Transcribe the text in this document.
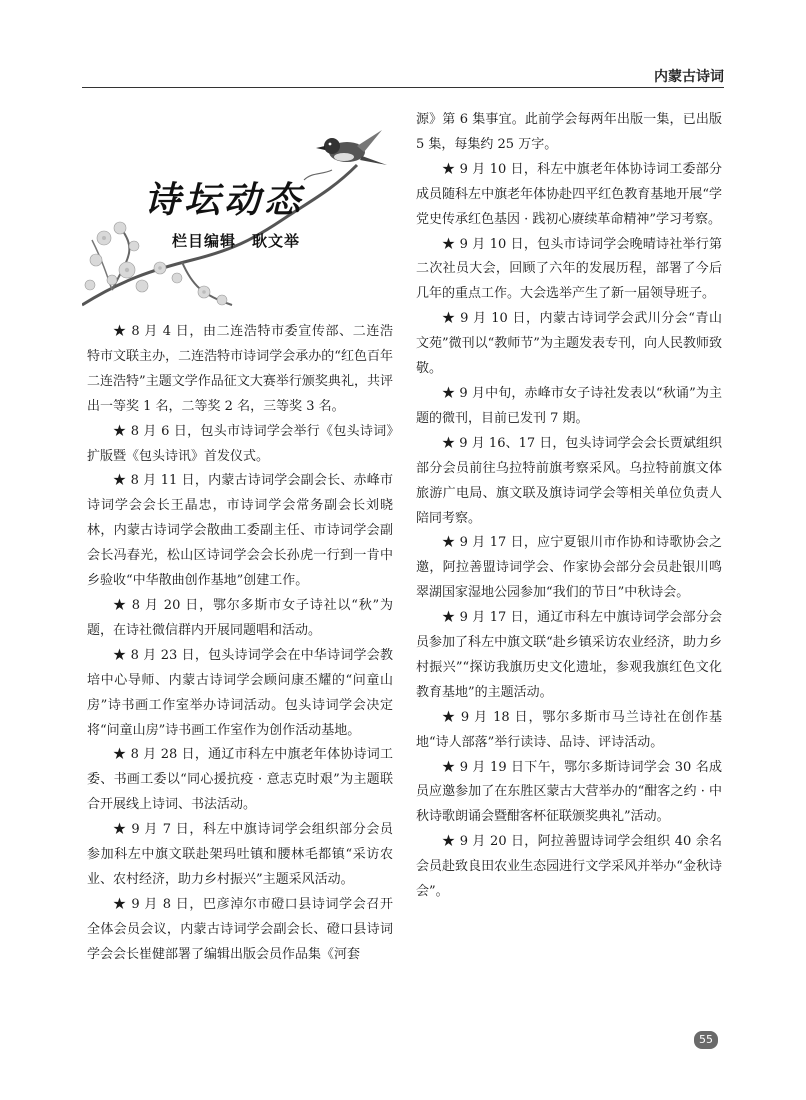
内蒙古诗词
诗坛动态
栏目编辑 耿文举

★ 8 月 4 日，由二连浩特市委宣传部、二连浩特市文联主办，二连浩特市诗词学会承办的“红色百年二连浩特”主题文学作品征文大赛举行颁奖典礼，共评出一等奖 1 名，二等奖 2 名，三等奖 3 名。

★ 8 月 6 日，包头市诗词学会举行《包头诗词》扩版暨《包头诗讯》首发仪式。

★ 8 月 11 日，内蒙古诗词学会副会长、赤峰市诗词学会会长王晶忠，市诗词学会常务副会长刘晓林，内蒙古诗词学会散曲工委副主任、市诗词学会副会长冯春光，松山区诗词学会会长孙虎一行到一肯中乡验收“中华散曲创作基地”创建工作。

★ 8 月 20 日，鄂尔多斯市女子诗社以“秋”为题，在诗社微信群内开展同题唱和活动。

★ 8 月 23 日，包头诗词学会在中华诗词学会教培中心导师、内蒙古诗词学会顾问康丕耀的“问童山房”诗书画工作室举办诗词活动。包头诗词学会决定将“问童山房”诗书画工作室作为创作活动基地。

★ 8 月 28 日，通辽市科左中旗老年体协诗词工委、书画工委以“同心援抗疫 · 意志克时艰”为主题联合开展线上诗词、书法活动。

★ 9 月 7 日，科左中旗诗词学会组织部分会员参加科左中旗文联赴架玛吐镇和腰林毛都镇“采访农业、农村经济，助力乡村振兴”主题采风活动。

★ 9 月 8 日，巴彦淖尔市磴口县诗词学会召开全体会员会议，内蒙古诗词学会副会长、磴口县诗词学会会长崔健部署了编辑出版会员作品集《河套

源》第 6 集事宜。此前学会每两年出版一集，已出版 5 集，每集约 25 万字。

★ 9 月 10 日，科左中旗老年体协诗词工委部分成员随科左中旗老年体协赴四平红色教育基地开展“学党史传承红色基因 · 践初心赓续革命精神”学习考察。

★ 9 月 10 日，包头市诗词学会晚晴诗社举行第二次社员大会，回顾了六年的发展历程，部署了今后几年的重点工作。大会选举产生了新一届领导班子。

★ 9 月 10 日，内蒙古诗词学会武川分会“青山文苑”微刊以“教师节”为主题发表专刊，向人民教师致敬。

★ 9 月中旬，赤峰市女子诗社发表以“秋诵”为主题的微刊，目前已发刊 7 期。

★ 9 月 16、17 日，包头诗词学会会长贾斌组织部分会员前往乌拉特前旗考察采风。乌拉特前旗文体旅游广电局、旗文联及旗诗词学会等相关单位负责人陪同考察。

★ 9 月 17 日，应宁夏银川市作协和诗歌协会之邀，阿拉善盟诗词学会、作家协会部分会员赴银川鸣翠湖国家湿地公园参加“我们的节日”中秋诗会。

★ 9 月 17 日，通辽市科左中旗诗词学会部分会员参加了科左中旗文联“赴乡镇采访农业经济，助力乡村振兴”“探访我旗历史文化遗址，参观我旗红色文化教育基地”的主题活动。

★ 9 月 18 日，鄂尔多斯市马兰诗社在创作基地“诗人部落”举行读诗、品诗、评诗活动。

★ 9 月 19 日下午，鄂尔多斯诗词学会 30 名成员应邀参加了在东胜区蒙古大营举办的“酣客之约 · 中秋诗歌朗诵会暨酣客杯征联颁奖典礼”活动。

★ 9 月 20 日，阿拉善盟诗词学会组织 40 余名会员赴致良田农业生态园进行文学采风并举办“金秋诗会”。

55
